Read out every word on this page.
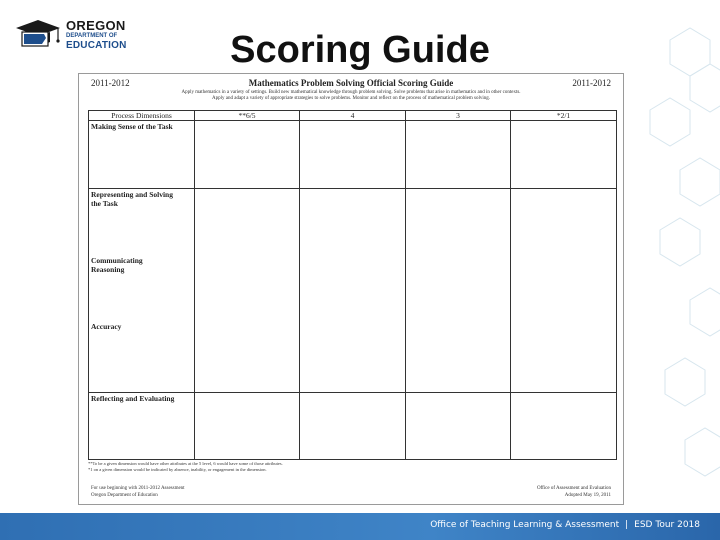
OREGON
DEPARTMENT OF
EDUCATION	Scoring Guide
2011-2012	Mathematics Problem Solving Official Scoring Guide	2011-2012
Apply mathematics in a variety of settings. Build new mathematical knowledge through problem solving. Solve problems that arise in mathematics and in other contexts.
Apply and adapt a variety of appropriate strategies to solve problems. Monitor and reflect on the process of mathematical problem solving.
Process Dimensions	**6/5	4	3	*2/1
Making Sense of the Task				

Representing and Solving
the Task
Communicating
Reasoning
Accuracy				

Reflecting and Evaluating				
**To be a given dimension would have other attributes at the 5 level, 6 would have some of those attributes.
*1 on a given dimension would be indicated by absence, inability, or engagement in the dimension.
For use beginning with 2011-2012 Assessment
Oregon Department of Education
Office of Assessment and Evaluation
Adopted May 19, 2011
Office of Teaching Learning & Assessment | ESD Tour 2018
